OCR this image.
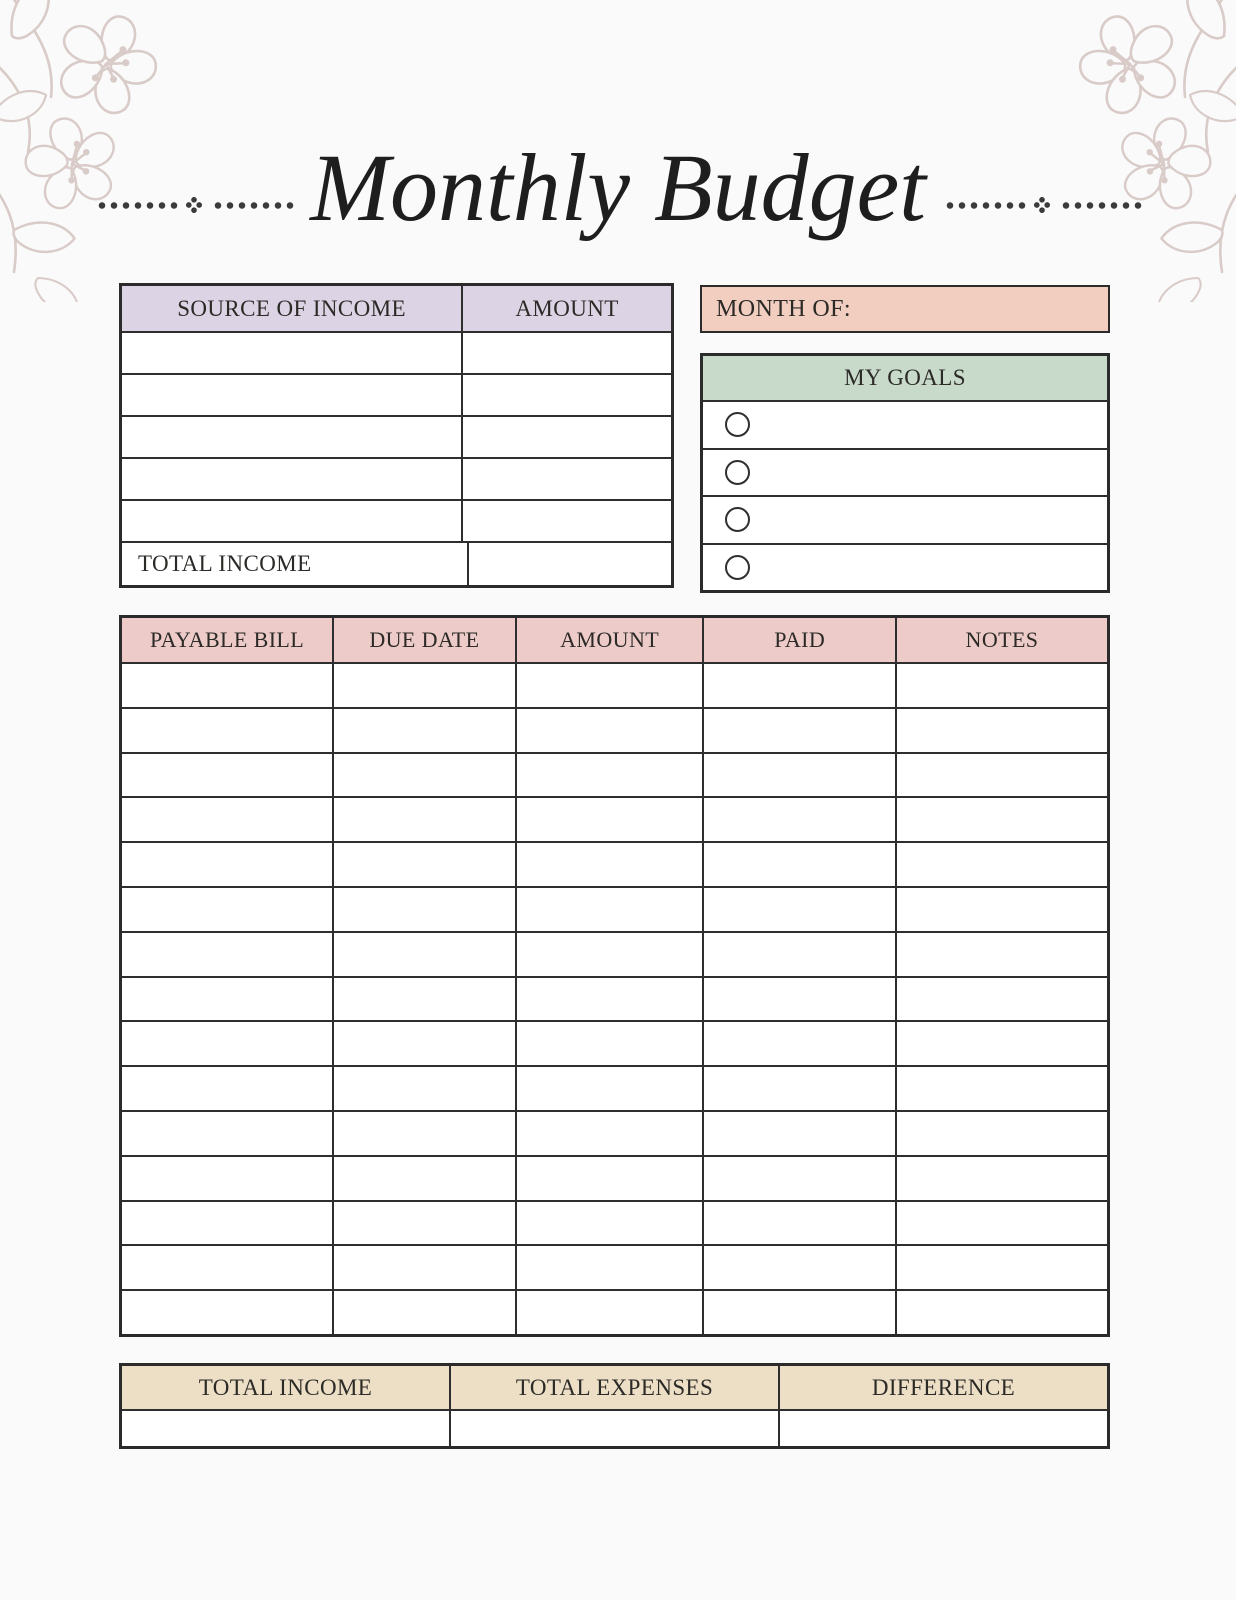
Monthly Budget
SOURCE OF INCOME	AMOUNT
TOTAL INCOME
MONTH OF:
MY GOALS
PAYABLE BILL	DUE DATE	AMOUNT	PAID	NOTES
TOTAL INCOME	TOTAL EXPENSES	DIFFERENCE
